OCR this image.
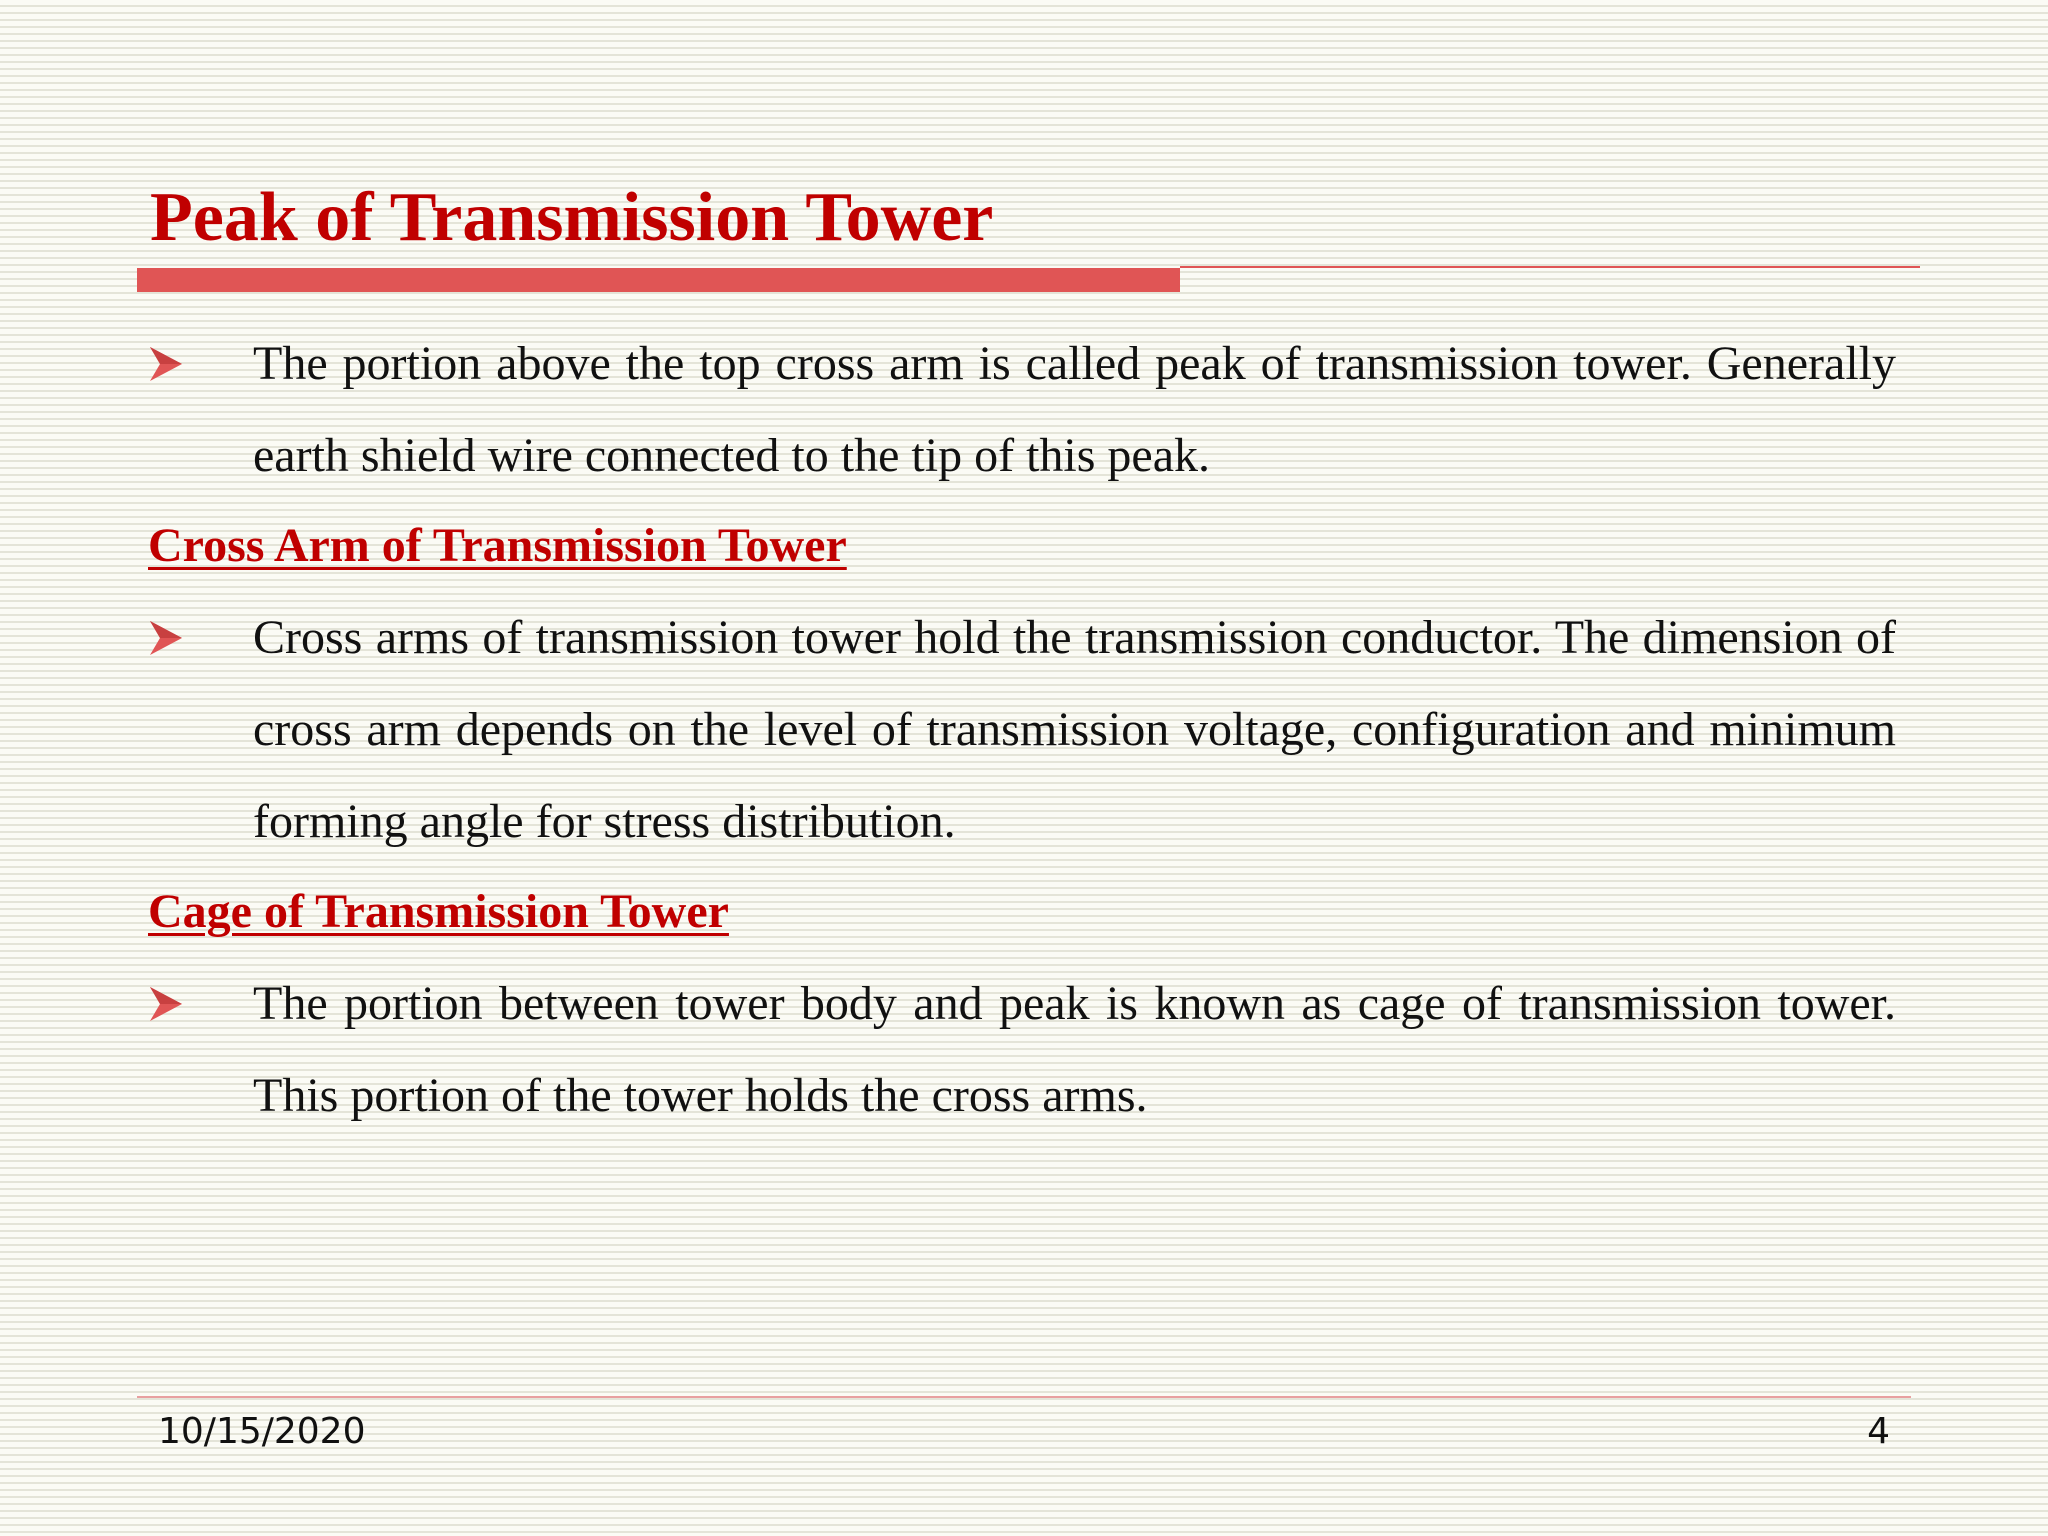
Peak of Transmission Tower

The portion above the top cross arm is called peak of transmission tower. Generally earth shield wire connected to the tip of this peak.

Cross Arm of Transmission Tower

Cross arms of transmission tower hold the transmission conductor. The dimension of cross arm depends on the level of transmission voltage, configuration and minimum forming angle for stress distribution.

Cage of Transmission Tower

The portion between tower body and peak is known as cage of transmission tower. This portion of the tower holds the cross arms.

10/15/2020	4
